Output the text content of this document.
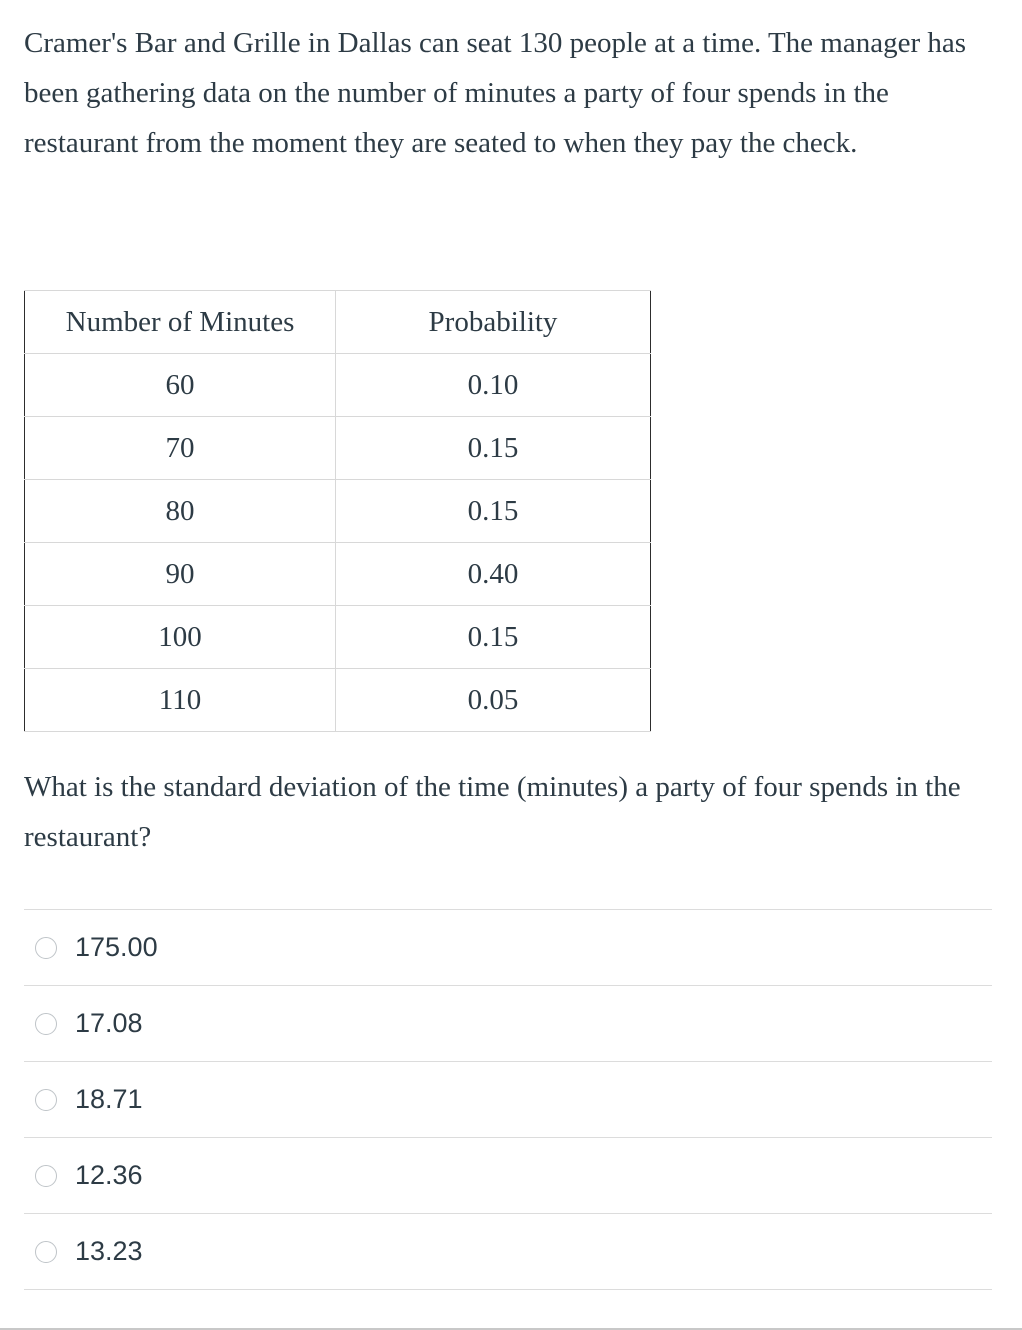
Cramer's Bar and Grille in Dallas can seat 130 people at a time. The manager has been gathering data on the number of minutes a party of four spends in the restaurant from the moment they are seated to when they pay the check.

Number of Minutes	Probability
60	0.10
70	0.15
80	0.15
90	0.40
100	0.15
110	0.05

What is the standard deviation of the time (minutes) a party of four spends in the restaurant?

175.00
17.08
18.71
12.36
13.23
